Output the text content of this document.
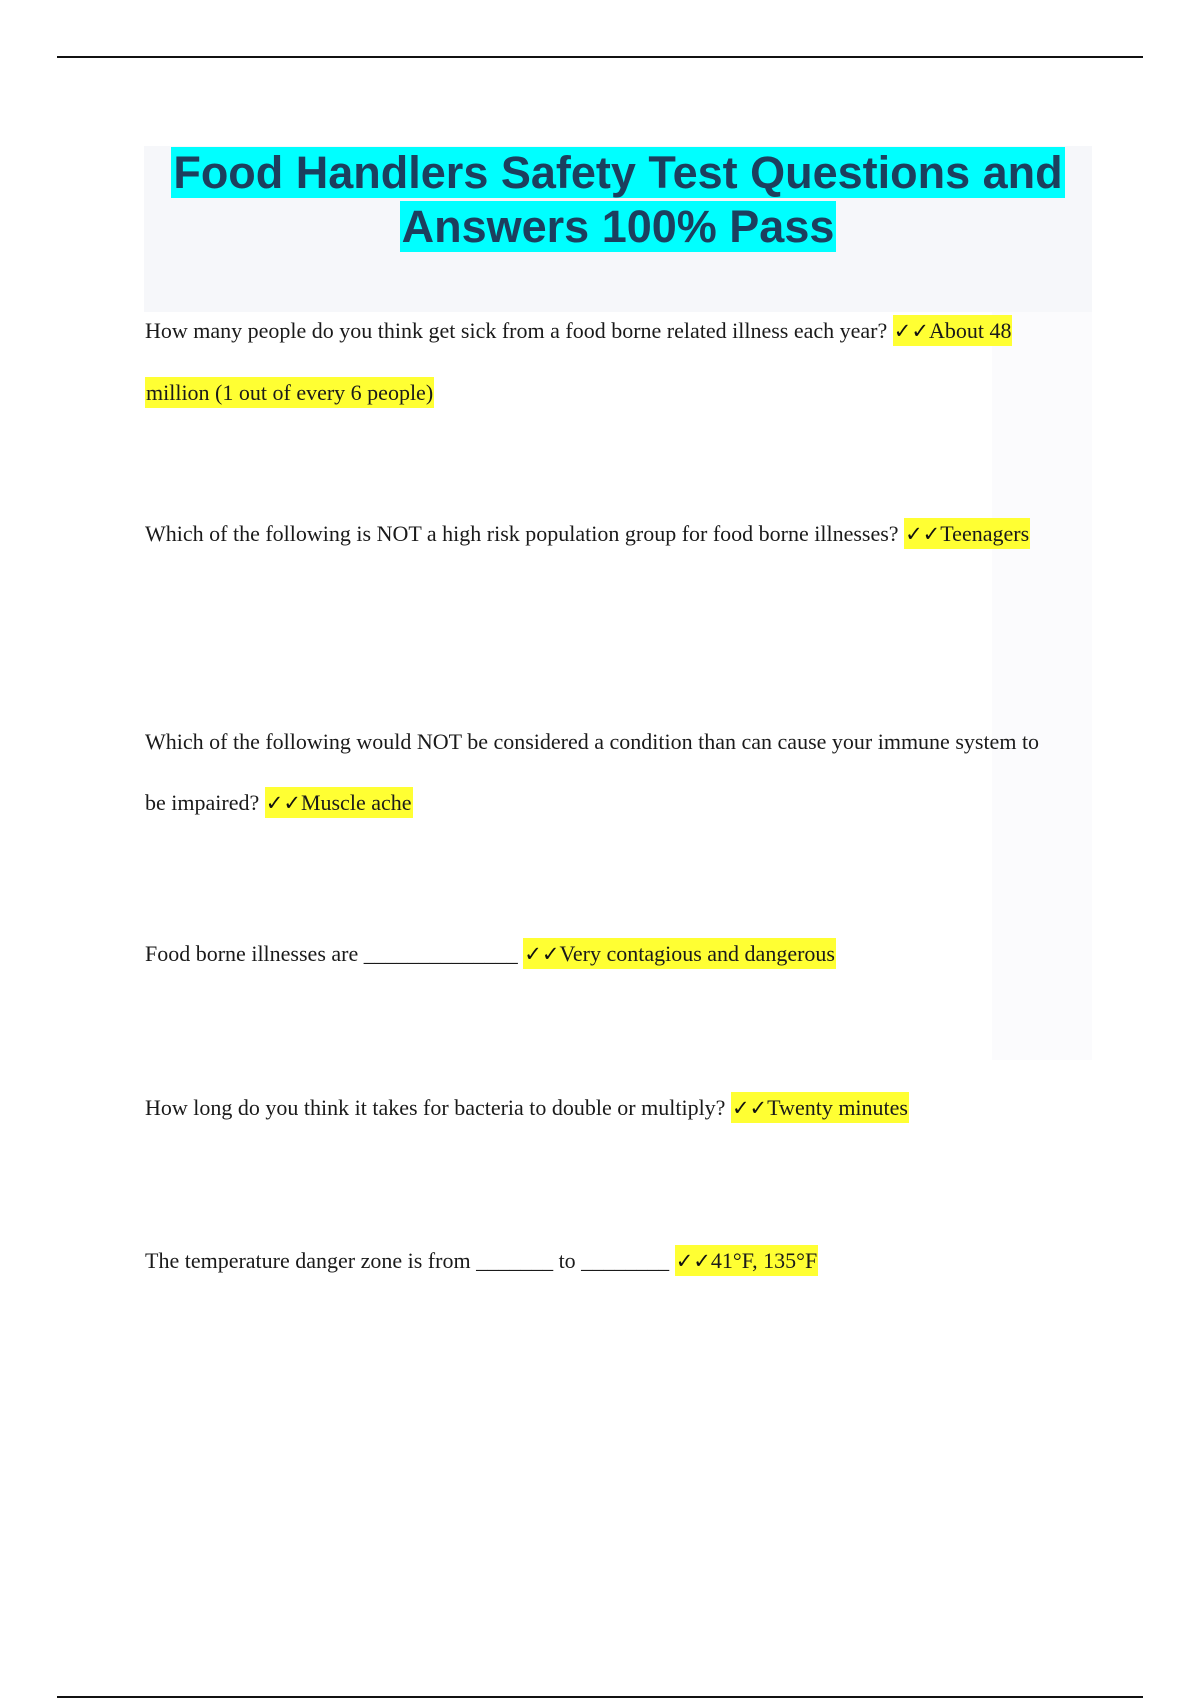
Food Handlers Safety Test Questions and Answers 100% Pass

How many people do you think get sick from a food borne related illness each year? ✓✓About 48 million (1 out of every 6 people)

Which of the following is NOT a high risk population group for food borne illnesses? ✓✓Teenagers

Which of the following would NOT be considered a condition than can cause your immune system to be impaired? ✓✓Muscle ache

Food borne illnesses are ______________ ✓✓Very contagious and dangerous

How long do you think it takes for bacteria to double or multiply? ✓✓Twenty minutes

The temperature danger zone is from _______ to ________ ✓✓41°F, 135°F
